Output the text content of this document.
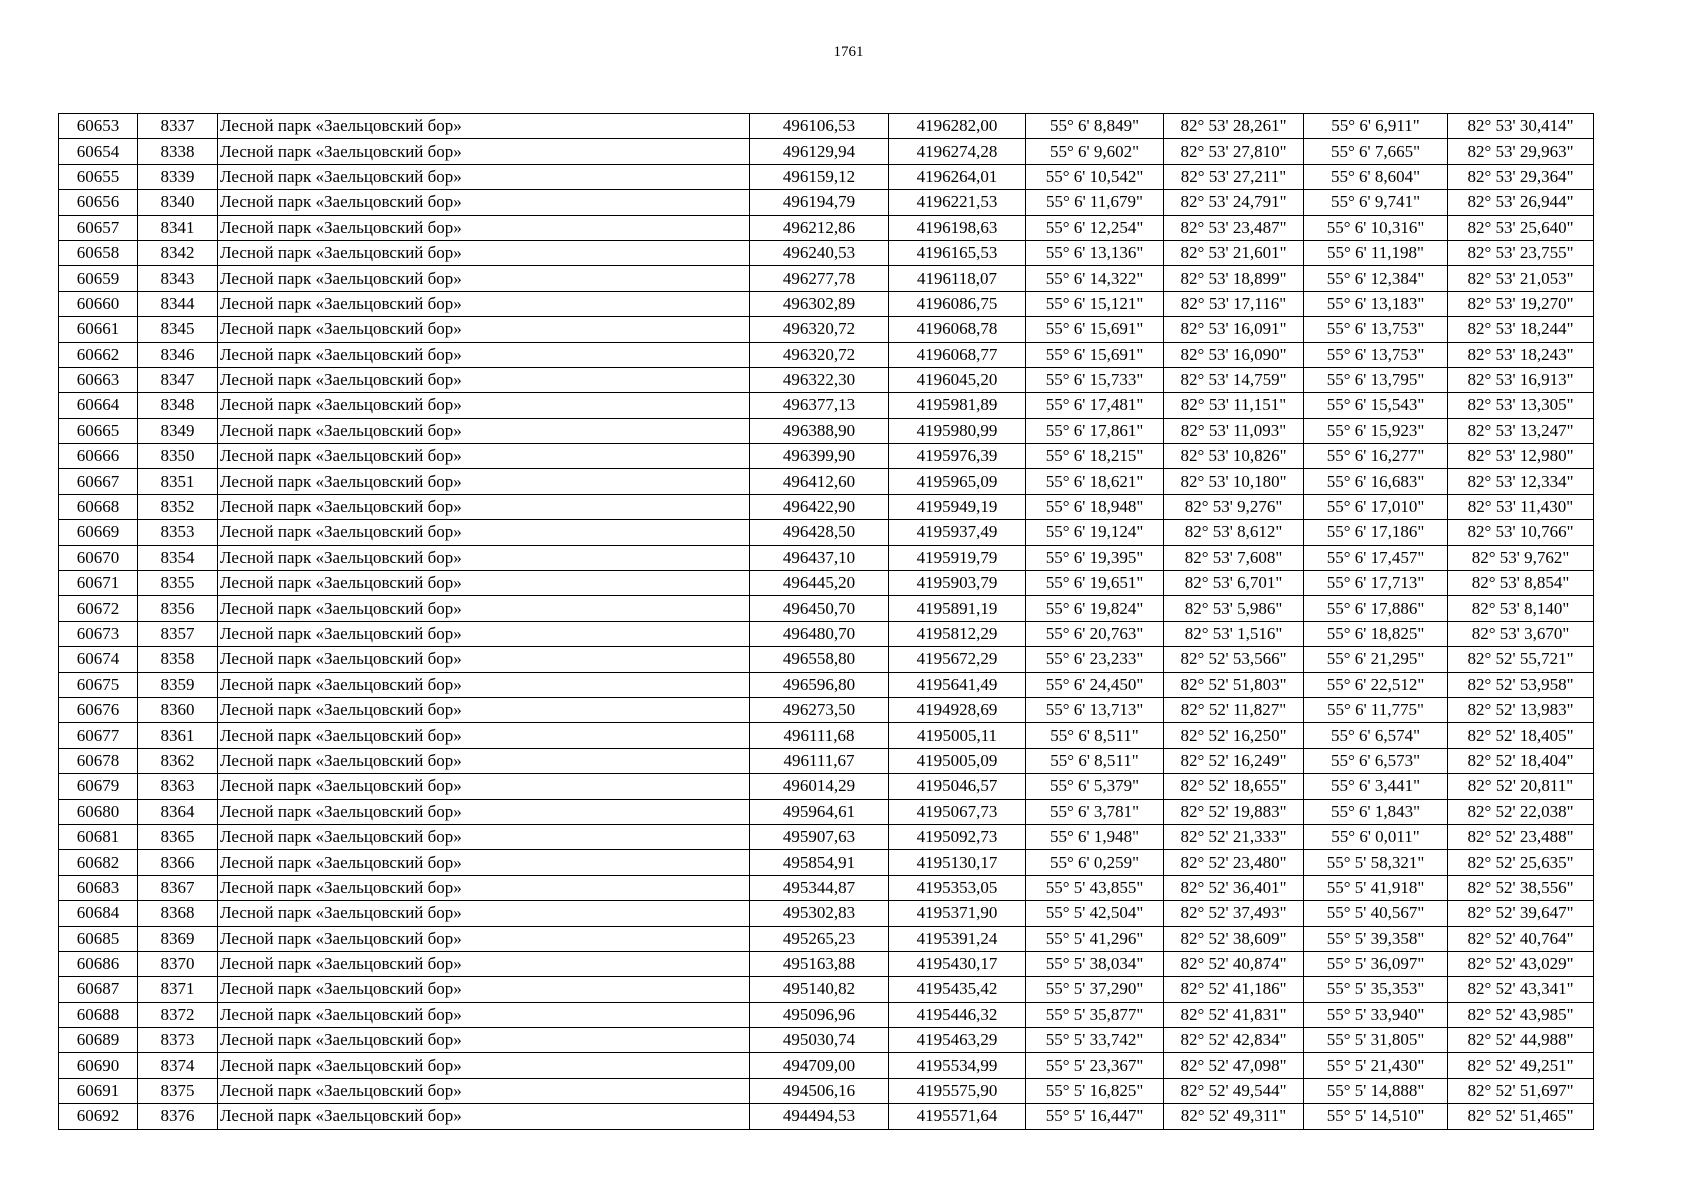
1761
60653	8337	Лесной парк «Заельцовский бор»	496106,53	4196282,00	55° 6' 8,849"	82° 53' 28,261"	55° 6' 6,911"	82° 53' 30,414"
60654	8338	Лесной парк «Заельцовский бор»	496129,94	4196274,28	55° 6' 9,602"	82° 53' 27,810"	55° 6' 7,665"	82° 53' 29,963"
60655	8339	Лесной парк «Заельцовский бор»	496159,12	4196264,01	55° 6' 10,542"	82° 53' 27,211"	55° 6' 8,604"	82° 53' 29,364"
60656	8340	Лесной парк «Заельцовский бор»	496194,79	4196221,53	55° 6' 11,679"	82° 53' 24,791"	55° 6' 9,741"	82° 53' 26,944"
60657	8341	Лесной парк «Заельцовский бор»	496212,86	4196198,63	55° 6' 12,254"	82° 53' 23,487"	55° 6' 10,316"	82° 53' 25,640"
60658	8342	Лесной парк «Заельцовский бор»	496240,53	4196165,53	55° 6' 13,136"	82° 53' 21,601"	55° 6' 11,198"	82° 53' 23,755"
60659	8343	Лесной парк «Заельцовский бор»	496277,78	4196118,07	55° 6' 14,322"	82° 53' 18,899"	55° 6' 12,384"	82° 53' 21,053"
60660	8344	Лесной парк «Заельцовский бор»	496302,89	4196086,75	55° 6' 15,121"	82° 53' 17,116"	55° 6' 13,183"	82° 53' 19,270"
60661	8345	Лесной парк «Заельцовский бор»	496320,72	4196068,78	55° 6' 15,691"	82° 53' 16,091"	55° 6' 13,753"	82° 53' 18,244"
60662	8346	Лесной парк «Заельцовский бор»	496320,72	4196068,77	55° 6' 15,691"	82° 53' 16,090"	55° 6' 13,753"	82° 53' 18,243"
60663	8347	Лесной парк «Заельцовский бор»	496322,30	4196045,20	55° 6' 15,733"	82° 53' 14,759"	55° 6' 13,795"	82° 53' 16,913"
60664	8348	Лесной парк «Заельцовский бор»	496377,13	4195981,89	55° 6' 17,481"	82° 53' 11,151"	55° 6' 15,543"	82° 53' 13,305"
60665	8349	Лесной парк «Заельцовский бор»	496388,90	4195980,99	55° 6' 17,861"	82° 53' 11,093"	55° 6' 15,923"	82° 53' 13,247"
60666	8350	Лесной парк «Заельцовский бор»	496399,90	4195976,39	55° 6' 18,215"	82° 53' 10,826"	55° 6' 16,277"	82° 53' 12,980"
60667	8351	Лесной парк «Заельцовский бор»	496412,60	4195965,09	55° 6' 18,621"	82° 53' 10,180"	55° 6' 16,683"	82° 53' 12,334"
60668	8352	Лесной парк «Заельцовский бор»	496422,90	4195949,19	55° 6' 18,948"	82° 53' 9,276"	55° 6' 17,010"	82° 53' 11,430"
60669	8353	Лесной парк «Заельцовский бор»	496428,50	4195937,49	55° 6' 19,124"	82° 53' 8,612"	55° 6' 17,186"	82° 53' 10,766"
60670	8354	Лесной парк «Заельцовский бор»	496437,10	4195919,79	55° 6' 19,395"	82° 53' 7,608"	55° 6' 17,457"	82° 53' 9,762"
60671	8355	Лесной парк «Заельцовский бор»	496445,20	4195903,79	55° 6' 19,651"	82° 53' 6,701"	55° 6' 17,713"	82° 53' 8,854"
60672	8356	Лесной парк «Заельцовский бор»	496450,70	4195891,19	55° 6' 19,824"	82° 53' 5,986"	55° 6' 17,886"	82° 53' 8,140"
60673	8357	Лесной парк «Заельцовский бор»	496480,70	4195812,29	55° 6' 20,763"	82° 53' 1,516"	55° 6' 18,825"	82° 53' 3,670"
60674	8358	Лесной парк «Заельцовский бор»	496558,80	4195672,29	55° 6' 23,233"	82° 52' 53,566"	55° 6' 21,295"	82° 52' 55,721"
60675	8359	Лесной парк «Заельцовский бор»	496596,80	4195641,49	55° 6' 24,450"	82° 52' 51,803"	55° 6' 22,512"	82° 52' 53,958"
60676	8360	Лесной парк «Заельцовский бор»	496273,50	4194928,69	55° 6' 13,713"	82° 52' 11,827"	55° 6' 11,775"	82° 52' 13,983"
60677	8361	Лесной парк «Заельцовский бор»	496111,68	4195005,11	55° 6' 8,511"	82° 52' 16,250"	55° 6' 6,574"	82° 52' 18,405"
60678	8362	Лесной парк «Заельцовский бор»	496111,67	4195005,09	55° 6' 8,511"	82° 52' 16,249"	55° 6' 6,573"	82° 52' 18,404"
60679	8363	Лесной парк «Заельцовский бор»	496014,29	4195046,57	55° 6' 5,379"	82° 52' 18,655"	55° 6' 3,441"	82° 52' 20,811"
60680	8364	Лесной парк «Заельцовский бор»	495964,61	4195067,73	55° 6' 3,781"	82° 52' 19,883"	55° 6' 1,843"	82° 52' 22,038"
60681	8365	Лесной парк «Заельцовский бор»	495907,63	4195092,73	55° 6' 1,948"	82° 52' 21,333"	55° 6' 0,011"	82° 52' 23,488"
60682	8366	Лесной парк «Заельцовский бор»	495854,91	4195130,17	55° 6' 0,259"	82° 52' 23,480"	55° 5' 58,321"	82° 52' 25,635"
60683	8367	Лесной парк «Заельцовский бор»	495344,87	4195353,05	55° 5' 43,855"	82° 52' 36,401"	55° 5' 41,918"	82° 52' 38,556"
60684	8368	Лесной парк «Заельцовский бор»	495302,83	4195371,90	55° 5' 42,504"	82° 52' 37,493"	55° 5' 40,567"	82° 52' 39,647"
60685	8369	Лесной парк «Заельцовский бор»	495265,23	4195391,24	55° 5' 41,296"	82° 52' 38,609"	55° 5' 39,358"	82° 52' 40,764"
60686	8370	Лесной парк «Заельцовский бор»	495163,88	4195430,17	55° 5' 38,034"	82° 52' 40,874"	55° 5' 36,097"	82° 52' 43,029"
60687	8371	Лесной парк «Заельцовский бор»	495140,82	4195435,42	55° 5' 37,290"	82° 52' 41,186"	55° 5' 35,353"	82° 52' 43,341"
60688	8372	Лесной парк «Заельцовский бор»	495096,96	4195446,32	55° 5' 35,877"	82° 52' 41,831"	55° 5' 33,940"	82° 52' 43,985"
60689	8373	Лесной парк «Заельцовский бор»	495030,74	4195463,29	55° 5' 33,742"	82° 52' 42,834"	55° 5' 31,805"	82° 52' 44,988"
60690	8374	Лесной парк «Заельцовский бор»	494709,00	4195534,99	55° 5' 23,367"	82° 52' 47,098"	55° 5' 21,430"	82° 52' 49,251"
60691	8375	Лесной парк «Заельцовский бор»	494506,16	4195575,90	55° 5' 16,825"	82° 52' 49,544"	55° 5' 14,888"	82° 52' 51,697"
60692	8376	Лесной парк «Заельцовский бор»	494494,53	4195571,64	55° 5' 16,447"	82° 52' 49,311"	55° 5' 14,510"	82° 52' 51,465"
